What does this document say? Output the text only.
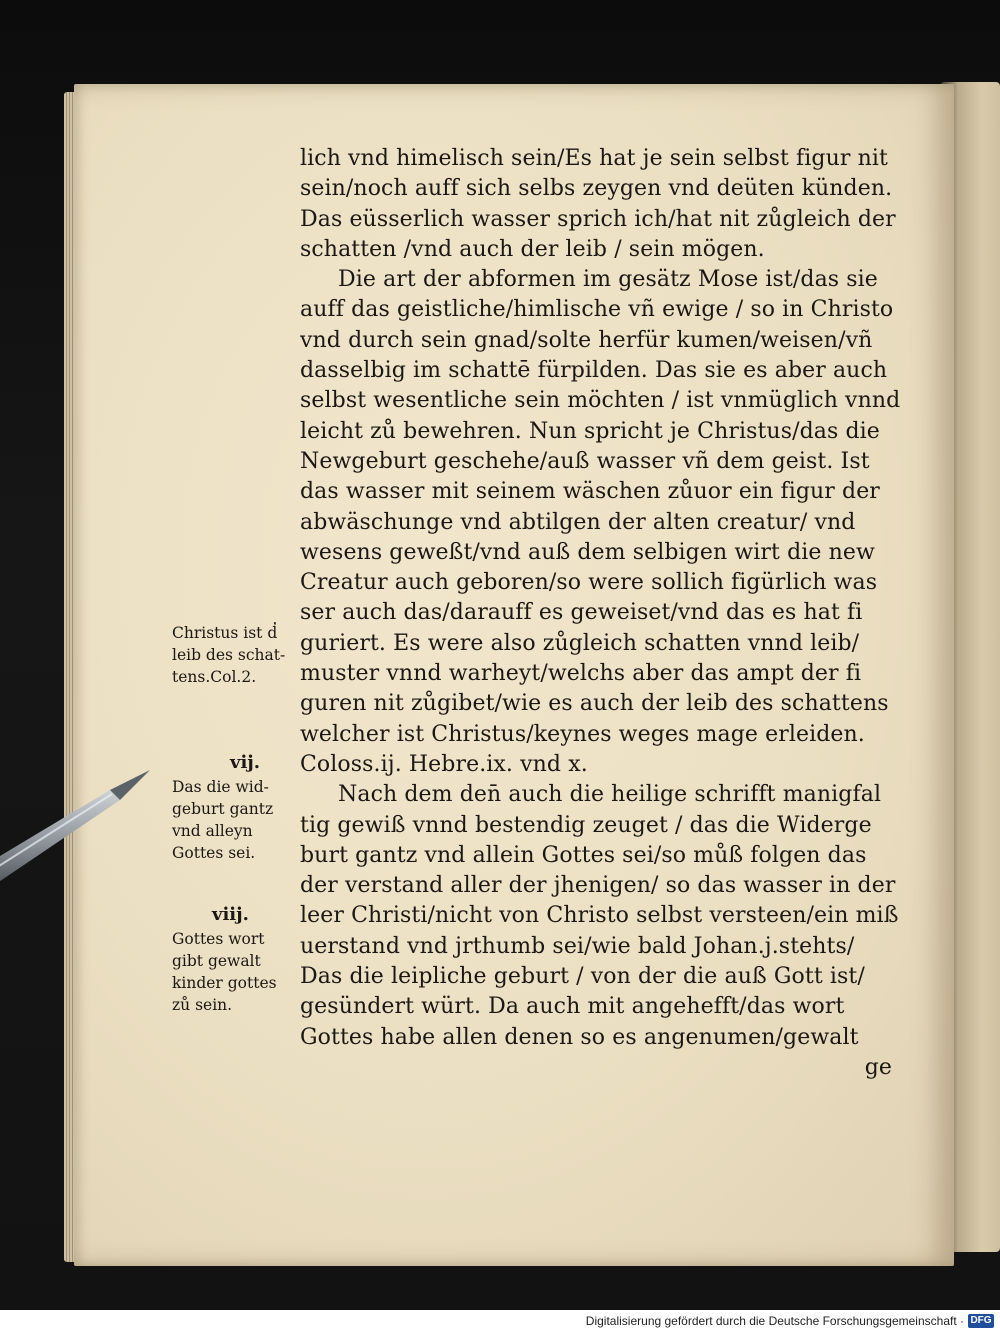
lich vnd himelisch sein/Es hat je sein selbst figur nit
sein/noch auff sich selbs zeygen vnd deüten künden.
Das eüsserlich wasser sprich ich/hat nit zůgleich der
schatten /vnd auch der leib / sein mögen.
Die art der abformen im gesätz Mose ist/das sie
auff das geistliche/himlische vñ ewige / so in Christo
vnd durch sein gnad/solte herfür kumen/weisen/vñ
dasselbig im schattē fürpilden. Das sie es aber auch
selbst wesentliche sein möchten / ist vnmüglich vnnd
leicht zů bewehren. Nun spricht je Christus/das die
Newgeburt geschehe/auß wasser vñ dem geist. Ist
das wasser mit seinem wäschen zůuor ein figur der
abwäschunge vnd abtilgen der alten creatur/ vnd
wesens geweßt/vnd auß dem selbigen wirt die new
Creatur auch geboren/so were sollich figürlich was
ser auch das/darauff es geweiset/vnd das es hat fi
guriert. Es were also zůgleich schatten vnnd leib/
muster vnnd warheyt/welchs aber das ampt der fi
guren nit zůgibet/wie es auch der leib des schattens
welcher ist Christus/keynes weges mage erleiden.
Coloss.ij. Hebre.ix. vnd x.
Nach dem den̄ auch die heilige schrifft manigfal
tig gewiß vnnd bestendig zeuget / das die Widerge
burt gantz vnd allein Gottes sei/so můß folgen das
der verstand aller der jhenigen/ so das wasser in der
leer Christi/nicht von Christo selbst versteen/ein miß
uerstand vnd jrthumb sei/wie bald Johan.j.stehts/
Das die leipliche geburt / von der die auß Gott ist/
gesündert würt. Da auch mit angehefft/das wort
Gottes habe allen denen so es angenumen/gewalt
ge
Christus ist d̓
leib des schat-
tens.Col.2.
vij.
Das die wid-
geburt gantz
vnd alleyn
Gottes sei.
viij.
Gottes wort
gibt gewalt
kinder gottes
zů sein.
Digitalisierung gefördert durch die Deutsche Forschungsgemeinschaft · DFG
